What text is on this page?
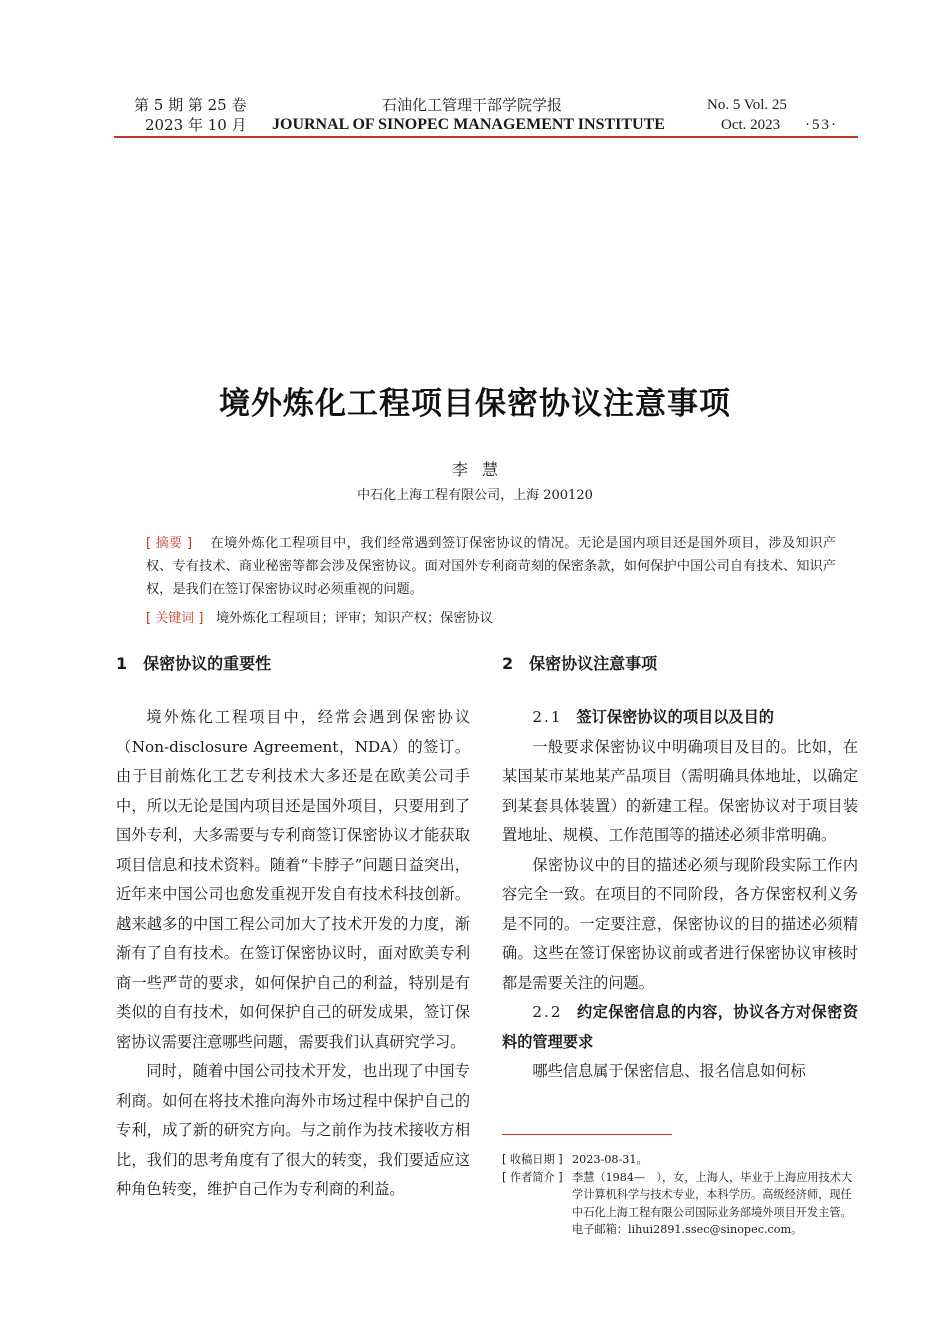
第 5 期 第 25 卷
2023 年 10 月
石油化工管理干部学院学报
JOURNAL OF SINOPEC MANAGEMENT INSTITUTE
No. 5 Vol. 25
Oct. 2023 ·53·
境外炼化工程项目保密协议注意事项
李慧
中石化上海工程有限公司，上海 200120
[ 摘要 ] 在境外炼化工程项目中，我们经常遇到签订保密协议的情况。无论是国内项目还是国外项目，涉及知识产权、专有技术、商业秘密等都会涉及保密协议。面对国外专利商苛刻的保密条款，如何保护中国公司自有技术、知识产权，是我们在签订保密协议时必须重视的问题。
[ 关键词 ] 境外炼化工程项目；评审；知识产权；保密协议
1　保密协议的重要性

境外炼化工程项目中，经常会遇到保密协议（Non-disclosure Agreement，NDA）的签订。由于目前炼化工艺专利技术大多还是在欧美公司手中，所以无论是国内项目还是国外项目，只要用到了国外专利，大多需要与专利商签订保密协议才能获取项目信息和技术资料。随着“卡脖子”问题日益突出，近年来中国公司也愈发重视开发自有技术科技创新。越来越多的中国工程公司加大了技术开发的力度，渐渐有了自有技术。在签订保密协议时，面对欧美专利商一些严苛的要求，如何保护自己的利益，特别是有类似的自有技术，如何保护自己的研发成果，签订保密协议需要注意哪些问题，需要我们认真研究学习。

同时，随着中国公司技术开发，也出现了中国专利商。如何在将技术推向海外市场过程中保护自己的专利，成了新的研究方向。与之前作为技术接收方相比，我们的思考角度有了很大的转变，我们要适应这种角色转变，维护自己作为专利商的利益。

2　保密协议注意事项

2.1 签订保密协议的项目以及目的

一般要求保密协议中明确项目及目的。比如，在某国某市某地某产品项目（需明确具体地址，以确定到某套具体装置）的新建工程。保密协议对于项目装置地址、规模、工作范围等的描述必须非常明确。

保密协议中的目的描述必须与现阶段实际工作内容完全一致。在项目的不同阶段，各方保密权利义务是不同的。一定要注意，保密协议的目的描述必须精确。这些在签订保密协议前或者进行保密协议审核时都是需要关注的问题。

2.2 约定保密信息的内容，协议各方对保密资料的管理要求

哪些信息属于保密信息、报名信息如何标

[ 收稿日期 ] 2023-08-31。
[ 作者简介 ] 李慧（1984—　），女，上海人，毕业于上海应用技术大学计算机科学与技术专业，本科学历。高级经济师，现任中石化上海工程有限公司国际业务部境外项目开发主管。电子邮箱：lihui2891.ssec@sinopec.com。
